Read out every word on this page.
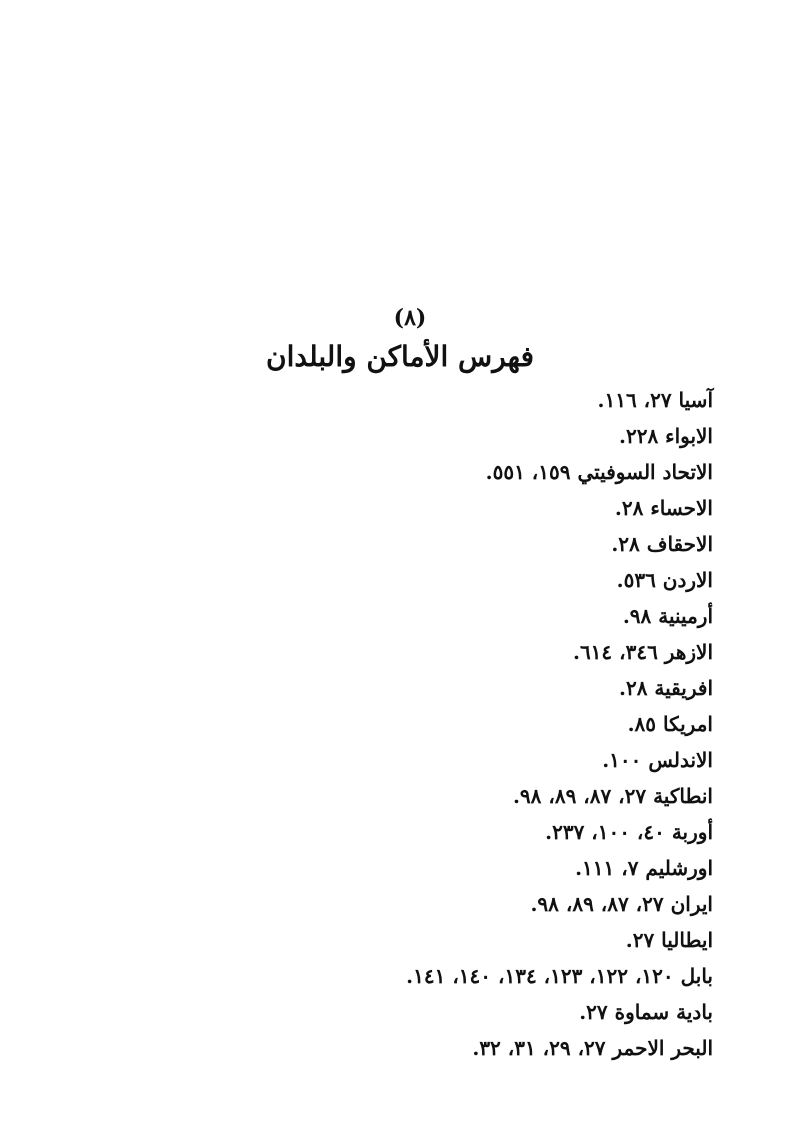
(٨)
فهرس الأماكن والبلدان
آسيا ٢٧، ١١٦.
الابواء ٢٢٨.
الاتحاد السوفيتي ١٥٩، ٥٥١.
الاحساء ٢٨.
الاحقاف ٢٨.
الاردن ٥٣٦.
أرمينية ٩٨.
الازهر ٣٤٦، ٦١٤.
افريقية ٢٨.
امريكا ٨٥.
الاندلس ١٠٠.
انطاكية ٢٧، ٨٧، ٨٩، ٩٨.
أوربة ٤٠، ١٠٠، ٢٣٧.
اورشليم ٧، ١١١.
ايران ٢٧، ٨٧، ٨٩، ٩٨.
ايطاليا ٢٧.
بابل ١٢٠، ١٢٢، ١٢٣، ١٣٤، ١٤٠، ١٤١.
بادية سماوة ٢٧.
البحر الاحمر ٢٧، ٢٩، ٣١، ٣٢.
